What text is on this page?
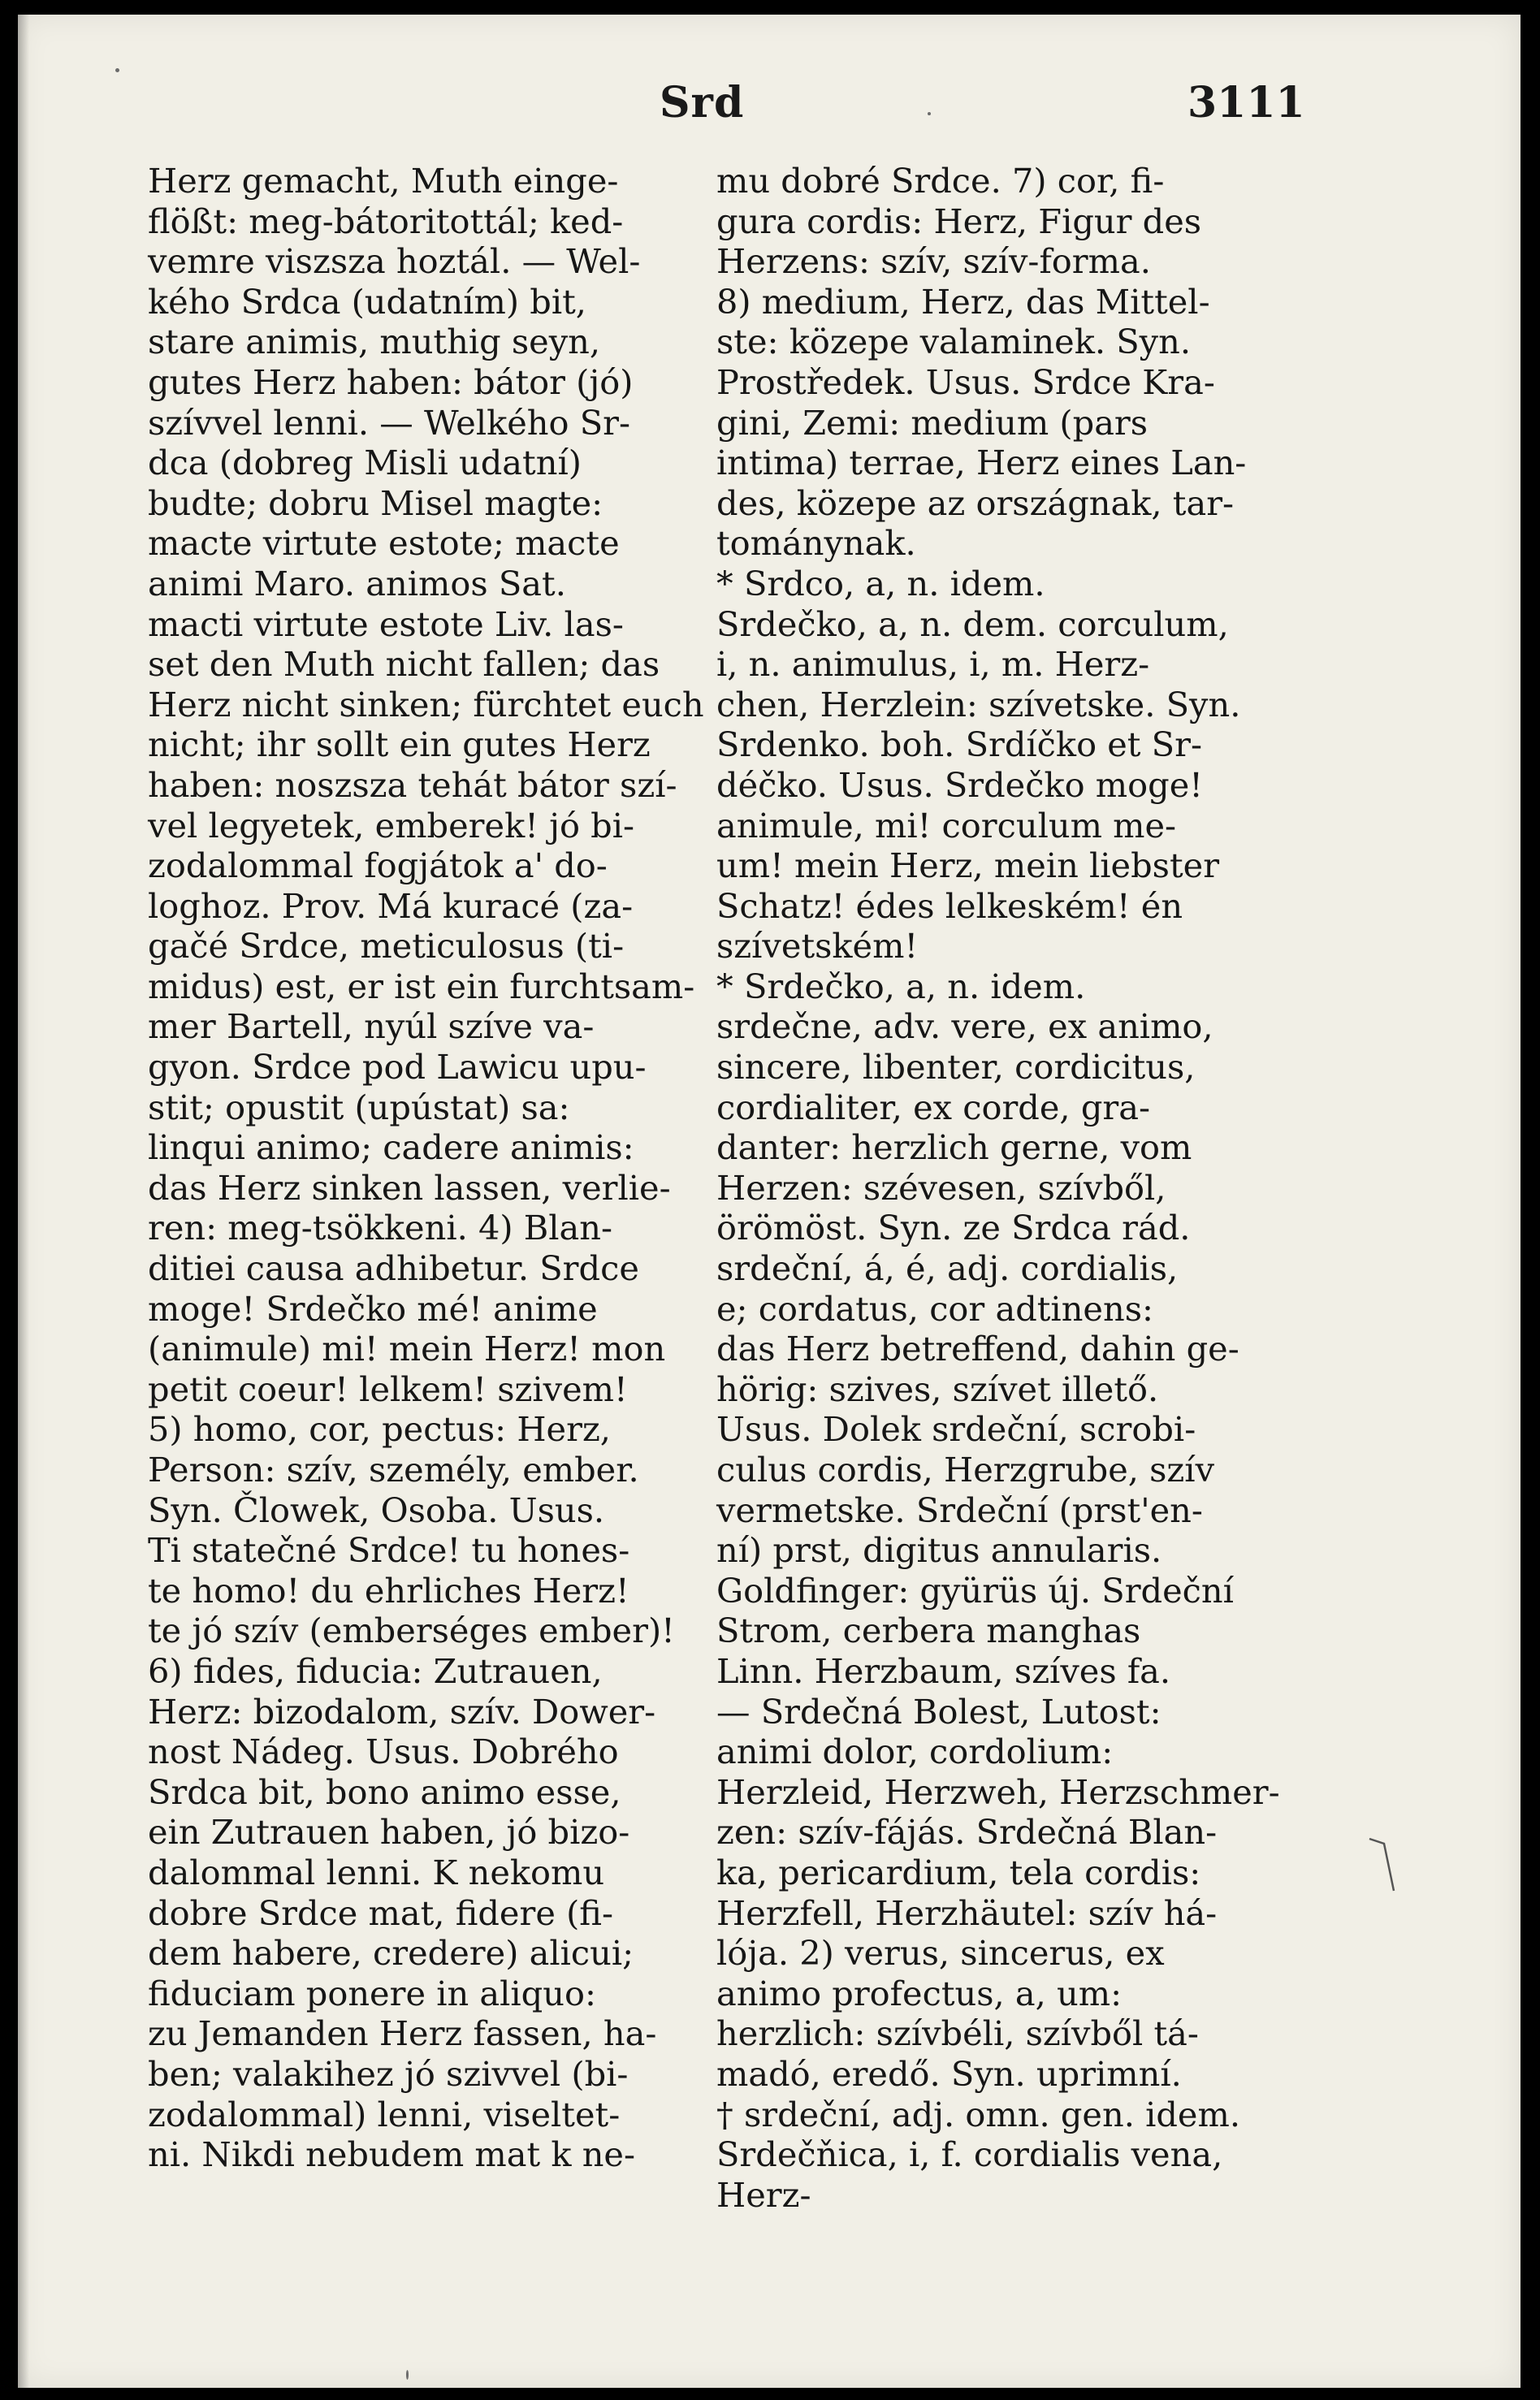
Srd	3111
Herz gemacht, Muth einge-
flößt: meg-bátoritottál; ked-
vemre viszsza hoztál. — Wel-
kého Srdca (udatním) bit,
stare animis, muthig seyn,
gutes Herz haben: bátor (jó)
szívvel lenni. — Welkého Sr-
dca (dobreg Misli udatní)
budte; dobru Misel magte:
macte virtute estote; macte
animi Maro. animos Sat.
macti virtute estote Liv. las-
set den Muth nicht fallen; das
Herz nicht sinken; fürchtet euch
nicht; ihr sollt ein gutes Herz
haben: noszsza tehát bátor szí-
vel legyetek, emberek! jó bi-
zodalommal fogjátok a' do-
loghoz. Prov. Má kuracé (za-
gačé Srdce, meticulosus (ti-
midus) est, er ist ein furchtsam-
mer Bartell, nyúl szíve va-
gyon. Srdce pod Lawicu upu-
stit; opustit (upústat) sa:
linqui animo; cadere animis:
das Herz sinken lassen, verlie-
ren: meg-tsökkeni. 4) Blan-
ditiei causa adhibetur. Srdce
moge! Srdečko mé! anime
(animule) mi! mein Herz! mon
petit coeur! lelkem! szivem!
5) homo, cor, pectus: Herz,
Person: szív, személy, ember.
Syn. Člowek, Osoba. Usus.
Ti statečné Srdce! tu hones-
te homo! du ehrliches Herz!
te jó szív (emberséges ember)!
6) fides, fiducia: Zutrauen,
Herz: bizodalom, szív. Dower-
nost Nádeg. Usus. Dobrého
Srdca bit, bono animo esse,
ein Zutrauen haben, jó bizo-
dalommal lenni. K nekomu
dobre Srdce mat, fidere (fi-
dem habere, credere) alicui;
fiduciam ponere in aliquo:
zu Jemanden Herz fassen, ha-
ben; valakihez jó szivvel (bi-
zodalommal) lenni, viseltet-
ni. Nikdi nebudem mat k ne-
mu dobré Srdce. 7) cor, fi-
gura cordis: Herz, Figur des
Herzens: szív, szív-forma.
8) medium, Herz, das Mittel-
ste: közepe valaminek. Syn.
Prostředek. Usus. Srdce Kra-
gini, Zemi: medium (pars
intima) terrae, Herz eines Lan-
des, közepe az országnak, tar-
tománynak.
* Srdco, a, n. idem.
Srdečko, a, n. dem. corculum,
i, n. animulus, i, m. Herz-
chen, Herzlein: szívetske. Syn.
Srdenko. boh. Srdíčko et Sr-
déčko. Usus. Srdečko moge!
animule, mi! corculum me-
um! mein Herz, mein liebster
Schatz! édes lelkeském! én
szívetském!
* Srdečko, a, n. idem.
srdečne, adv. vere, ex animo,
sincere, libenter, cordicitus,
cordialiter, ex corde, gra-
danter: herzlich gerne, vom
Herzen: szévesen, szívből,
örömöst. Syn. ze Srdca rád.
srdeční, á, é, adj. cordialis,
e; cordatus, cor adtinens:
das Herz betreffend, dahin ge-
hörig: szives, szívet illető.
Usus. Dolek srdeční, scrobi-
culus cordis, Herzgrube, szív
vermetske. Srdeční (prst'en-
ní) prst, digitus annularis.
Goldfinger: gyürüs új. Srdeční
Strom, cerbera manghas
Linn. Herzbaum, szíves fa.
— Srdečná Bolest, Lutost:
animi dolor, cordolium:
Herzleid, Herzweh, Herzschmer-
zen: szív-fájás. Srdečná Blan-
ka, pericardium, tela cordis:
Herzfell, Herzhäutel: szív há-
lója. 2) verus, sincerus, ex
animo profectus, a, um:
herzlich: szívbéli, szívből tá-
madó, eredő. Syn. uprimní.
† srdeční, adj. omn. gen. idem.
Srdečňica, i, f. cordialis vena,
Herz-
